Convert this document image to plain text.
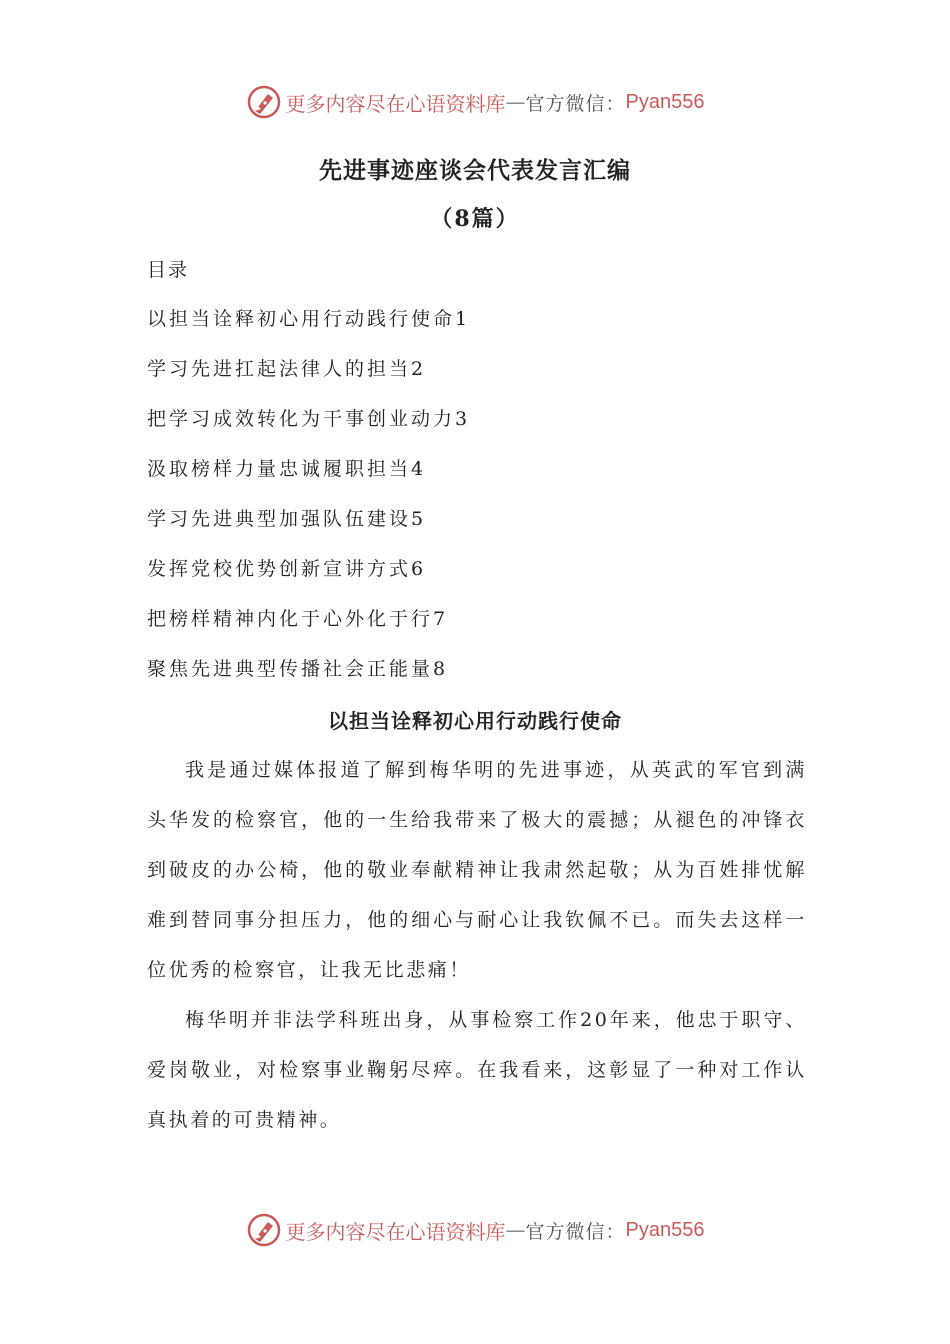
更多内容尽在心语资料库 — 官方微信： Pyan556
先进事迹座谈会代表发言汇编
（8篇）
目录
以担当诠释初心用行动践行使命1
学习先进扛起法律人的担当2
把学习成效转化为干事创业动力3
汲取榜样力量忠诚履职担当4
学习先进典型加强队伍建设5
发挥党校优势创新宣讲方式6
把榜样精神内化于心外化于行7
聚焦先进典型传播社会正能量8
以担当诠释初心用行动践行使命

我是通过媒体报道了解到梅华明的先进事迹，从英武的军官到满头华发的检察官，他的一生给我带来了极大的震撼；从褪色的冲锋衣到破皮的办公椅，他的敬业奉献精神让我肃然起敬；从为百姓排忧解难到替同事分担压力，他的细心与耐心让我钦佩不已。而失去这样一位优秀的检察官，让我无比悲痛！

梅华明并非法学科班出身，从事检察工作20年来，他忠于职守、爱岗敬业，对检察事业鞠躬尽瘁。在我看来，这彰显了一种对工作认真执着的可贵精神。

更多内容尽在心语资料库 — 官方微信： Pyan556
